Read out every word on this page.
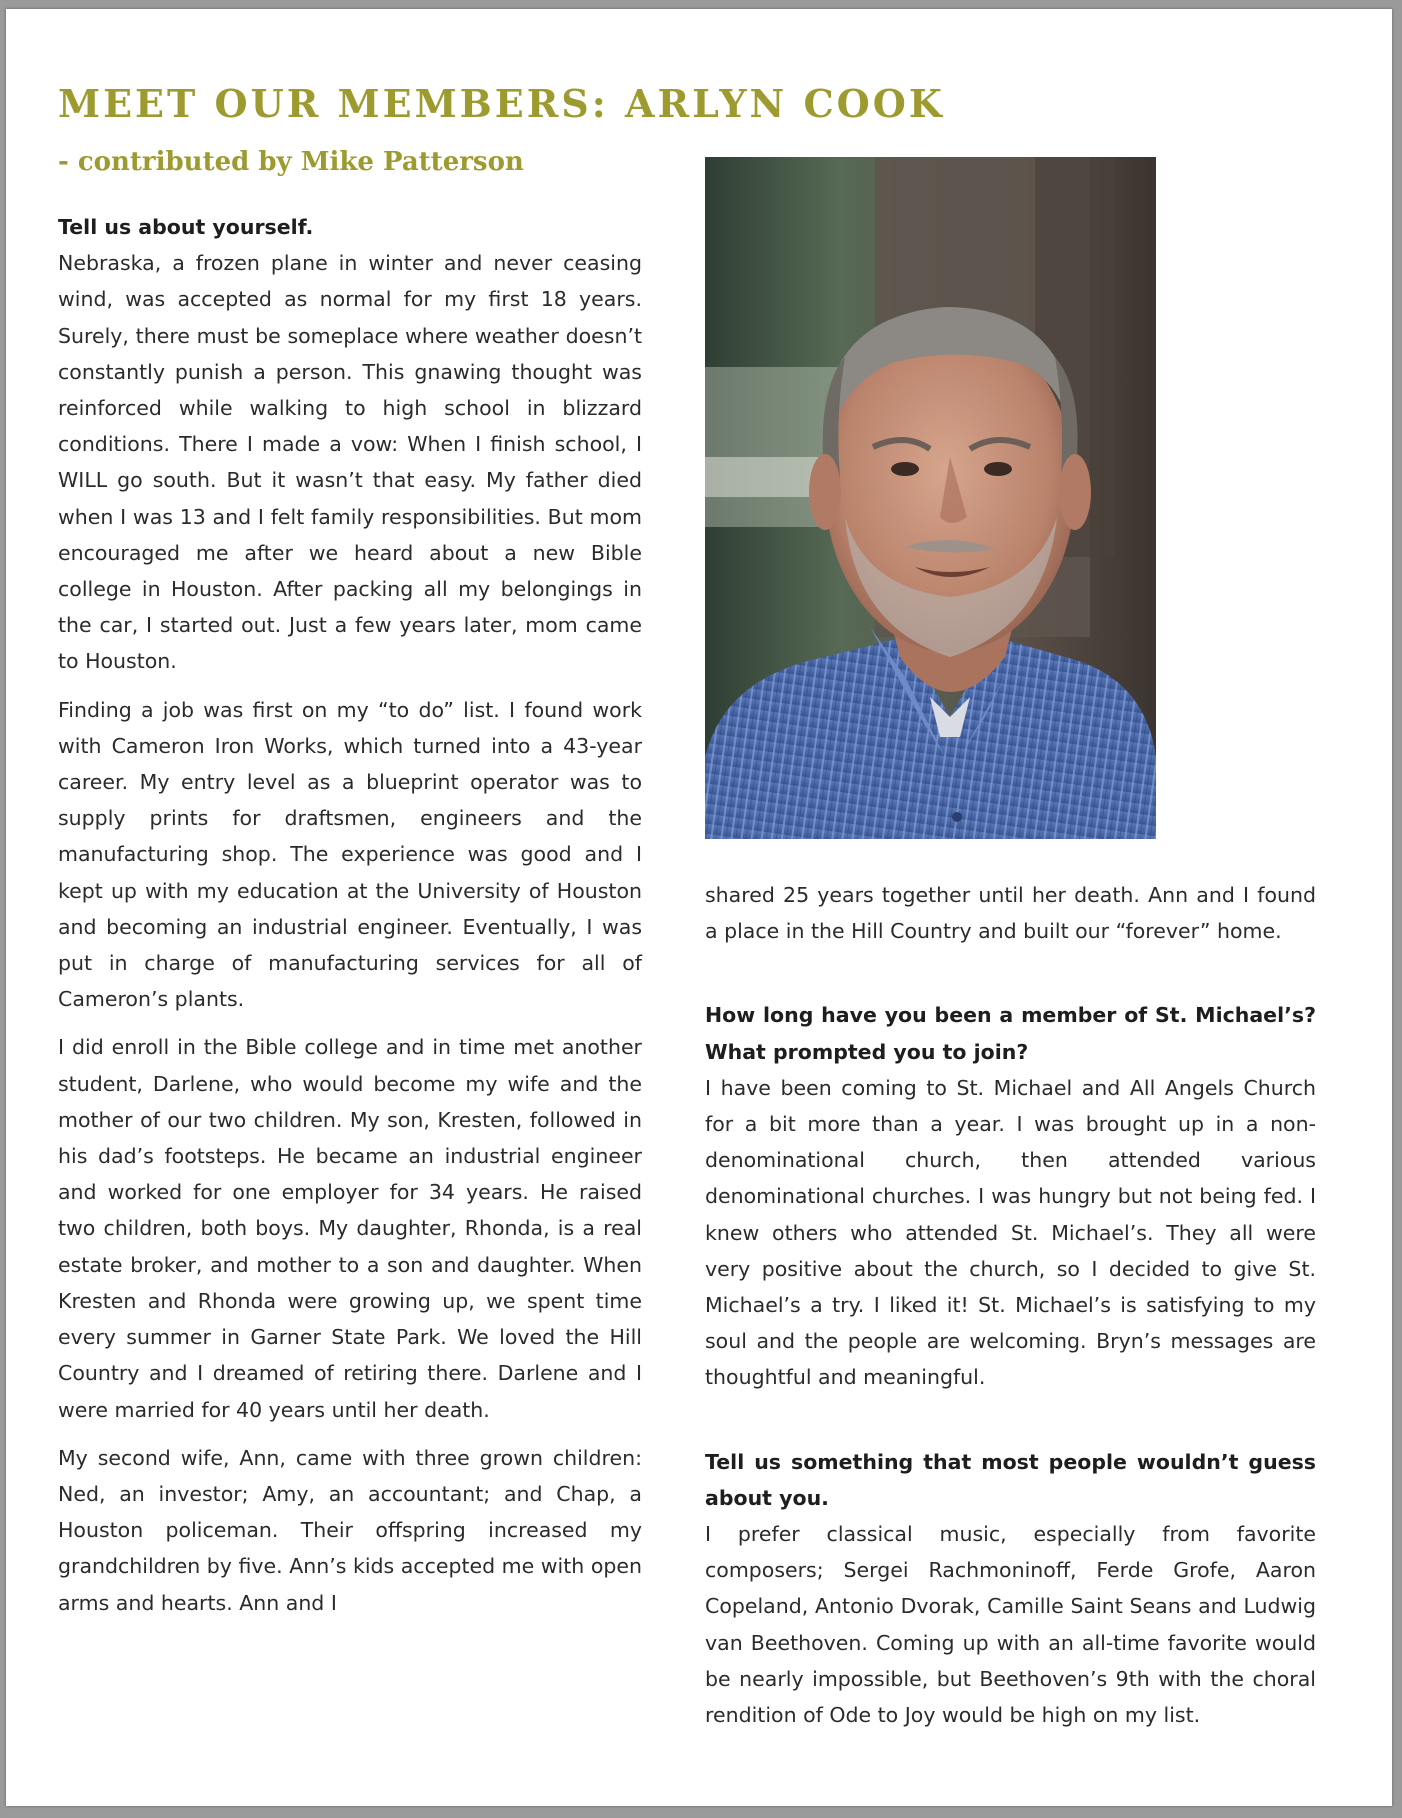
MEET OUR MEMBERS: ARLYN COOK
- contributed by Mike Patterson

Tell us about yourself.
Nebraska, a frozen plane in winter and never ceasing wind, was accepted as normal for my first 18 years. Surely, there must be someplace where weather doesn’t constantly punish a person. This gnawing thought was reinforced while walking to high school in blizzard conditions. There I made a vow: When I finish school, I WILL go south. But it wasn’t that easy. My father died when I was 13 and I felt family responsibilities. But mom encouraged me after we heard about a new Bible college in Houston. After packing all my belongings in the car, I started out. Just a few years later, mom came to Houston.

Finding a job was first on my “to do” list. I found work with Cameron Iron Works, which turned into a 43-year career. My entry level as a blueprint operator was to supply prints for draftsmen, engineers and the manufacturing shop. The experience was good and I kept up with my education at the University of Houston and becoming an industrial engineer. Eventually, I was put in charge of manufacturing services for all of Cameron’s plants.

I did enroll in the Bible college and in time met another student, Darlene, who would become my wife and the mother of our two children. My son, Kresten, followed in his dad’s footsteps. He became an industrial engineer and worked for one employer for 34 years. He raised two children, both boys. My daughter, Rhonda, is a real estate broker, and mother to a son and daughter. When Kresten and Rhonda were growing up, we spent time every summer in Garner State Park. We loved the Hill Country and I dreamed of retiring there. Darlene and I were married for 40 years until her death.

My second wife, Ann, came with three grown children: Ned, an investor; Amy, an accountant; and Chap, a Houston policeman. Their offspring increased my grandchildren by five. Ann’s kids accepted me with open arms and hearts. Ann and I

shared 25 years together until her death. Ann and I found a place in the Hill Country and built our “forever” home.

How long have you been a member of St. Michael’s? What prompted you to join?
I have been coming to St. Michael and All Angels Church for a bit more than a year. I was brought up in a non-denominational church, then attended various denominational churches. I was hungry but not being fed. I knew others who attended St. Michael’s. They all were very positive about the church, so I decided to give St. Michael’s a try. I liked it! St. Michael’s is satisfying to my soul and the people are welcoming. Bryn’s messages are thoughtful and meaningful.

Tell us something that most people wouldn’t guess about you.
I prefer classical music, especially from favorite composers; Sergei Rachmoninoff, Ferde Grofe, Aaron Copeland, Antonio Dvorak, Camille Saint Seans and Ludwig van Beethoven. Coming up with an all-time favorite would be nearly impossible, but Beethoven’s 9th with the choral rendition of Ode to Joy would be high on my list.
